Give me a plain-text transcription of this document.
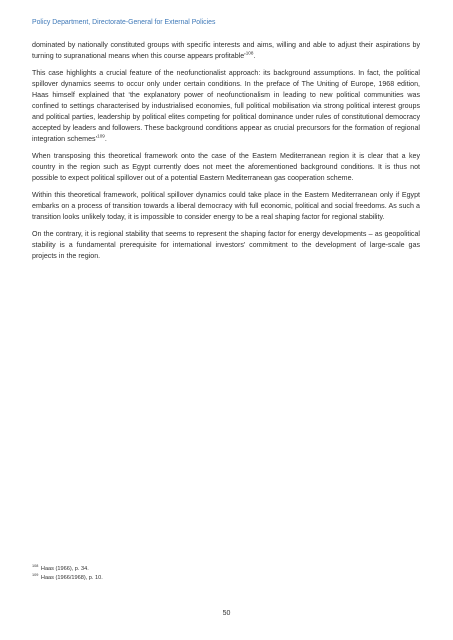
Policy Department, Directorate-General for External Policies

dominated by nationally constituted groups with specific interests and aims, willing and able to adjust their aspirations by turning to supranational means when this course appears profitable’$^{108}$.

This case highlights a crucial feature of the neofunctionalist approach: its background assumptions. In fact, the political spillover dynamics seems to occur only under certain conditions. In the preface of The Uniting of Europe, 1968 edition, Haas himself explained that ‘the explanatory power of neofunctionalism in leading to new political communities was confined to settings characterised by industrialised economies, full political mobilisation via strong political interest groups and political parties, leadership by political elites competing for political dominance under rules of constitutional democracy accepted by leaders and followers. These background conditions appear as crucial precursors for the formation of regional integration schemes’$^{109}$.

When transposing this theoretical framework onto the case of the Eastern Mediterranean region it is clear that a key country in the region such as Egypt currently does not meet the aforementioned background conditions. It is thus not possible to expect political spillover out of a potential Eastern Mediterranean gas cooperation scheme.

Within this theoretical framework, political spillover dynamics could take place in the Eastern Mediterranean only if Egypt embarks on a process of transition towards a liberal democracy with full economic, political and social freedoms. As such a transition looks unlikely today, it is impossible to consider energy to be a real shaping factor for regional stability.

On the contrary, it is regional stability that seems to represent the shaping factor for energy developments – as geopolitical stability is a fundamental prerequisite for international investors’ commitment to the development of large-scale gas projects in the region.

$^{108}$ Haas (1966), p. 34.
$^{109}$ Haas (1966/1968), p. 10.
50
